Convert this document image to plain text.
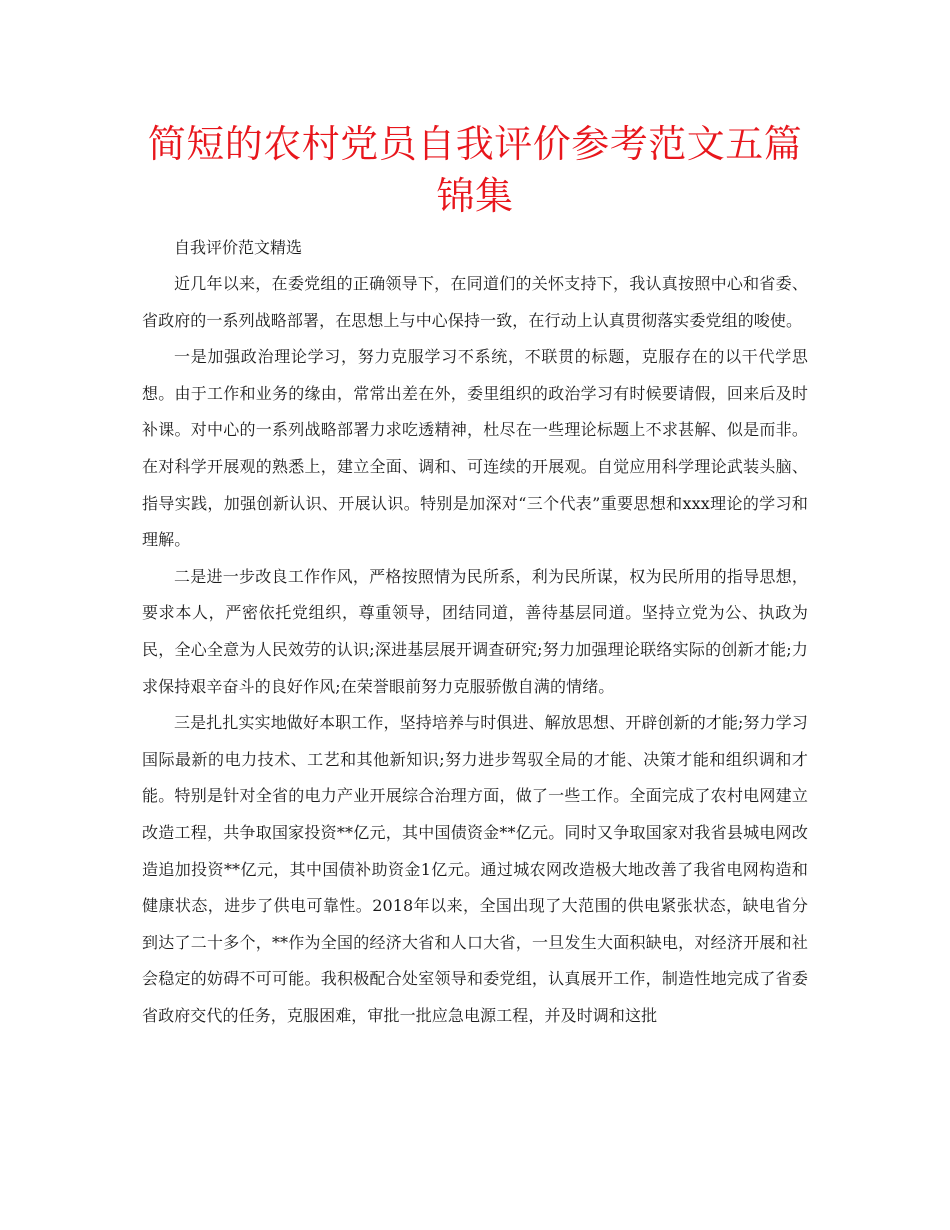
简短的农村党员自我评价参考范文五篇锦集

自我评价范文精选

近几年以来，在委党组的正确领导下，在同道们的关怀支持下，我认真按照中心和省委、省政府的一系列战略部署，在思想上与中心保持一致，在行动上认真贯彻落实委党组的唆使。

一是加强政治理论学习，努力克服学习不系统，不联贯的标题，克服存在的以干代学思想。由于工作和业务的缘由，常常出差在外，委里组织的政治学习有时候要请假，回来后及时补课。对中心的一系列战略部署力求吃透精神，杜尽在一些理论标题上不求甚解、似是而非。在对科学开展观的熟悉上，建立全面、调和、可连续的开展观。自觉应用科学理论武装头脑、指导实践，加强创新认识、开展认识。特别是加深对“三个代表”重要思想和xxx理论的学习和理解。

二是进一步改良工作作风，严格按照情为民所系，利为民所谋，权为民所用的指导思想，要求本人，严密依托党组织，尊重领导，团结同道，善待基层同道。坚持立党为公、执政为民，全心全意为人民效劳的认识;深进基层展开调查研究;努力加强理论联络实际的创新才能;力求保持艰辛奋斗的良好作风;在荣誉眼前努力克服骄傲自满的情绪。

三是扎扎实实地做好本职工作，坚持培养与时俱进、解放思想、开辟创新的才能;努力学习国际最新的电力技术、工艺和其他新知识;努力进步驾驭全局的才能、决策才能和组织调和才能。特别是针对全省的电力产业开展综合治理方面，做了一些工作。全面完成了农村电网建立改造工程，共争取国家投资**亿元，其中国债资金**亿元。同时又争取国家对我省县城电网改造追加投资**亿元，其中国债补助资金1亿元。通过城农网改造极大地改善了我省电网构造和健康状态，进步了供电可靠性。2018年以来，全国出现了大范围的供电紧张状态，缺电省分到达了二十多个，**作为全国的经济大省和人口大省，一旦发生大面积缺电，对经济开展和社会稳定的妨碍不可可能。我积极配合处室领导和委党组，认真展开工作，制造性地完成了省委省政府交代的任务，克服困难，审批一批应急电源工程，并及时调和这批
